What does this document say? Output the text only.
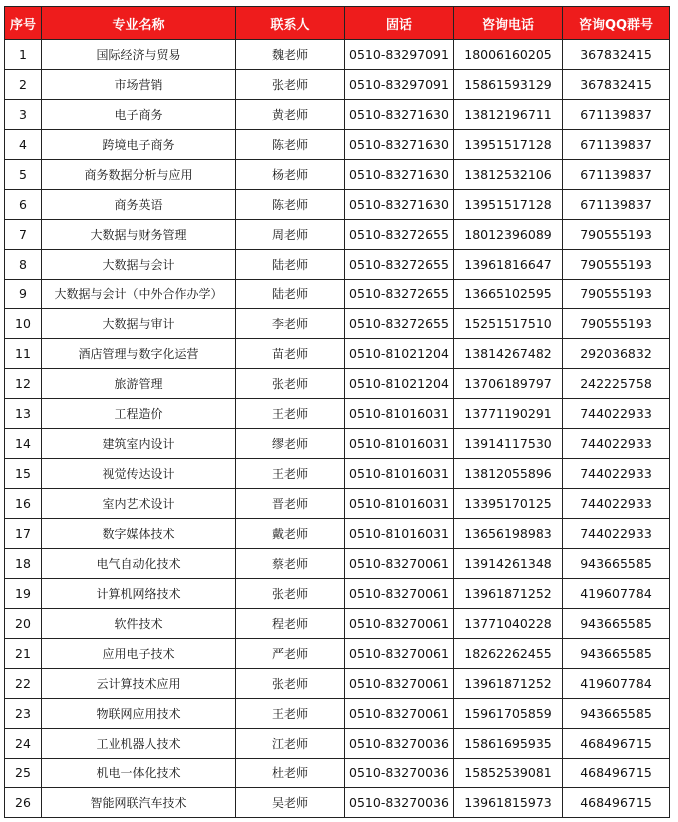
序号	专业名称	联系人	固话	咨询电话	咨询QQ群号
1	国际经济与贸易	魏老师	0510-83297091	18006160205	367832415
2	市场营销	张老师	0510-83297091	15861593129	367832415
3	电子商务	黄老师	0510-83271630	13812196711	671139837
4	跨境电子商务	陈老师	0510-83271630	13951517128	671139837
5	商务数据分析与应用	杨老师	0510-83271630	13812532106	671139837
6	商务英语	陈老师	0510-83271630	13951517128	671139837
7	大数据与财务管理	周老师	0510-83272655	18012396089	790555193
8	大数据与会计	陆老师	0510-83272655	13961816647	790555193
9	大数据与会计（中外合作办学）	陆老师	0510-83272655	13665102595	790555193
10	大数据与审计	李老师	0510-83272655	15251517510	790555193
11	酒店管理与数字化运营	苗老师	0510-81021204	13814267482	292036832
12	旅游管理	张老师	0510-81021204	13706189797	242225758
13	工程造价	王老师	0510-81016031	13771190291	744022933
14	建筑室内设计	缪老师	0510-81016031	13914117530	744022933
15	视觉传达设计	王老师	0510-81016031	13812055896	744022933
16	室内艺术设计	晋老师	0510-81016031	13395170125	744022933
17	数字媒体技术	戴老师	0510-81016031	13656198983	744022933
18	电气自动化技术	蔡老师	0510-83270061	13914261348	943665585
19	计算机网络技术	张老师	0510-83270061	13961871252	419607784
20	软件技术	程老师	0510-83270061	13771040228	943665585
21	应用电子技术	严老师	0510-83270061	18262262455	943665585
22	云计算技术应用	张老师	0510-83270061	13961871252	419607784
23	物联网应用技术	王老师	0510-83270061	15961705859	943665585
24	工业机器人技术	江老师	0510-83270036	15861695935	468496715
25	机电一体化技术	杜老师	0510-83270036	15852539081	468496715
26	智能网联汽车技术	吴老师	0510-83270036	13961815973	468496715
